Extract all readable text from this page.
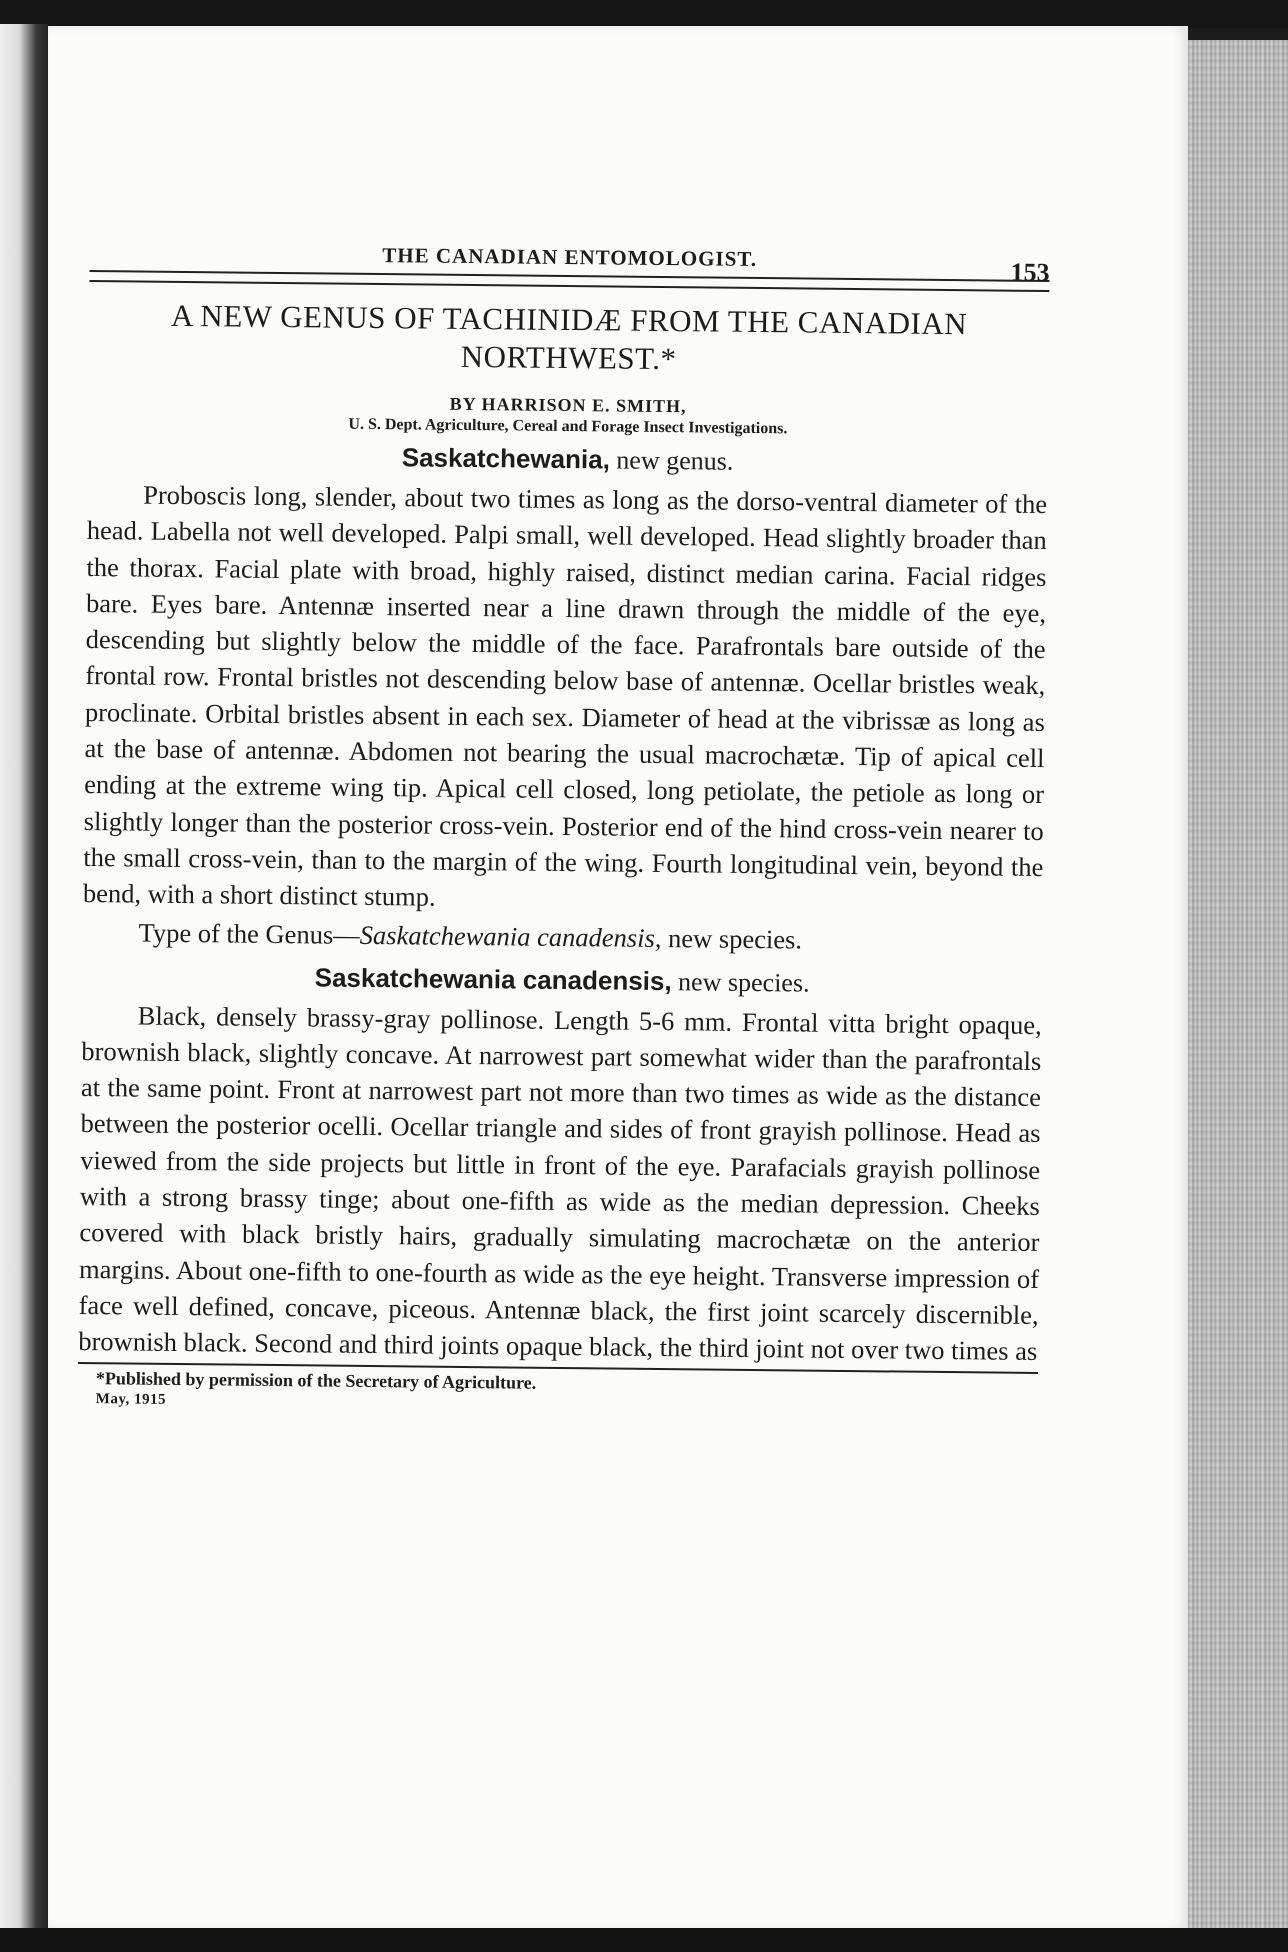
THE CANADIAN ENTOMOLOGIST.
153
A NEW GENUS OF TACHINIDÆ FROM THE CANADIAN
NORTHWEST.*
BY HARRISON E. SMITH,
U. S. Dept. Agriculture, Cereal and Forage Insect Investigations.
Saskatchewania, new genus.

Proboscis long, slender, about two times as long as the dorso-ventral diameter of the head. Labella not well developed. Palpi small, well developed. Head slightly broader than the thorax. Facial plate with broad, highly raised, distinct median carina. Facial ridges bare. Eyes bare. Antennæ inserted near a line drawn through the middle of the eye, descending but slightly below the middle of the face. Parafrontals bare outside of the frontal row. Frontal bristles not descending below base of antennæ. Ocellar bristles weak, proclinate. Orbital bristles absent in each sex. Diameter of head at the vibrissæ as long as at the base of antennæ. Abdomen not bearing the usual macrochætæ. Tip of apical cell ending at the extreme wing tip. Apical cell closed, long petiolate, the petiole as long or slightly longer than the posterior cross-vein. Posterior end of the hind cross-vein nearer to the small cross-vein, than to the margin of the wing. Fourth longitudinal vein, beyond the bend, with a short distinct stump.

Type of the Genus—Saskatchewania canadensis, new species.
Saskatchewania canadensis, new species.

Black, densely brassy-gray pollinose. Length 5-6 mm. Frontal vitta bright opaque, brownish black, slightly concave. At narrowest part somewhat wider than the parafrontals at the same point. Front at narrowest part not more than two times as wide as the distance between the posterior ocelli. Ocellar triangle and sides of front grayish pollinose. Head as viewed from the side projects but little in front of the eye. Parafacials grayish pollinose with a strong brassy tinge; about one-fifth as wide as the median depression. Cheeks covered with black bristly hairs, gradually simulating macrochætæ on the anterior margins. About one-fifth to one-fourth as wide as the eye height. Transverse impression of face well defined, concave, piceous. Antennæ black, the first joint scarcely discernible, brownish black. Second and third joints opaque black, the third joint not over two times as

*Published by permission of the Secretary of Agriculture.
May, 1915
